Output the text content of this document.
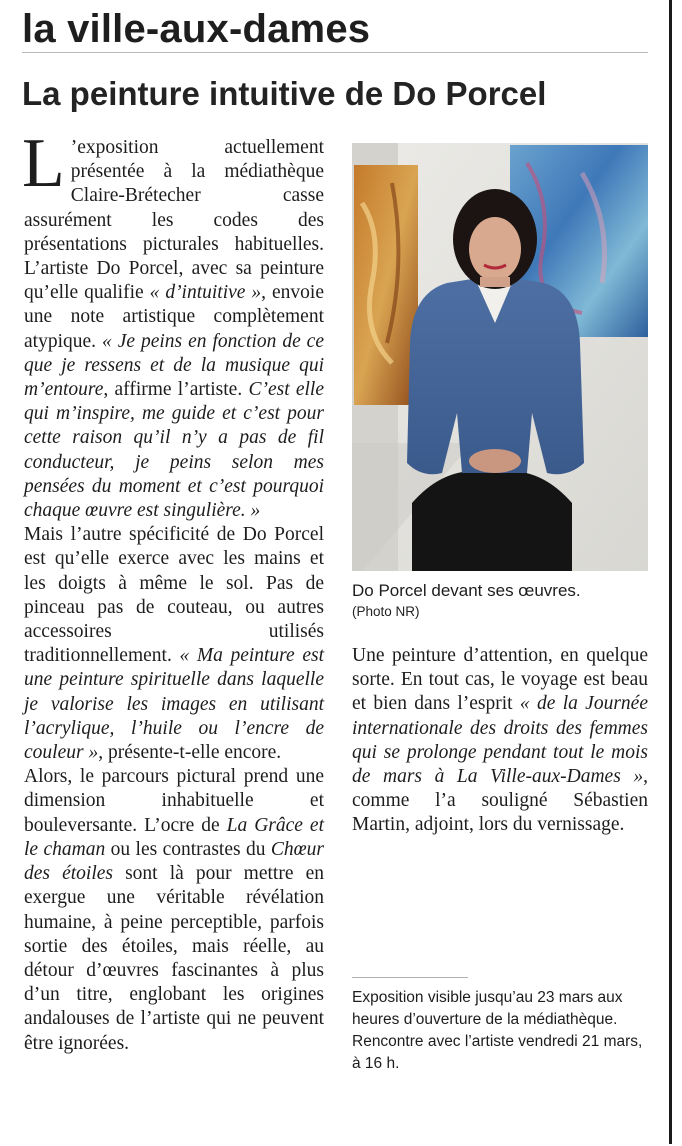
la ville-aux-dames
La peinture intuitive de Do Porcel

L ’exposition actuellement présentée à la médiathèque Claire-Brétecher casse assurément les codes des présentations picturales habituelles. L’artiste Do Porcel, avec sa peinture qu’elle qualifie « d’intuitive », envoie une note artistique complètement atypique. « Je peins en fonction de ce que je ressens et de la musique qui m’entoure, affirme l’artiste. C’est elle qui m’inspire, me guide et c’est pour cette raison qu’il n’y a pas de fil conducteur, je peins selon mes pensées du moment et c’est pourquoi chaque œuvre est singulière. »

Mais l’autre spécificité de Do Porcel est qu’elle exerce avec les mains et les doigts à même le sol. Pas de pinceau pas de couteau, ou autres accessoires utilisés traditionnellement. « Ma peinture est une peinture spirituelle dans laquelle je valorise les images en utilisant l’acrylique, l’huile ou l’encre de couleur », présente-t-elle encore.

Alors, le parcours pictural prend une dimension inhabituelle et bouleversante. L’ocre de La Grâce et le chaman ou les contrastes du Chœur des étoiles sont là pour mettre en exergue une véritable révélation humaine, à peine perceptible, parfois sortie des étoiles, mais réelle, au détour d’œuvres fascinantes à plus d’un titre, englobant les origines andalouses de l’artiste qui ne peuvent être ignorées.

Do Porcel devant ses œuvres.
(Photo NR)

Une peinture d’attention, en quelque sorte. En tout cas, le voyage est beau et bien dans l’esprit « de la Journée internationale des droits des femmes qui se prolonge pendant tout le mois de mars à La Ville-aux-Dames », comme l’a souligné Sébastien Martin, adjoint, lors du vernissage.

Exposition visible jusqu’au 23 mars aux heures d’ouverture de la médiathèque. Rencontre avec l’artiste vendredi 21 mars, à 16 h.
